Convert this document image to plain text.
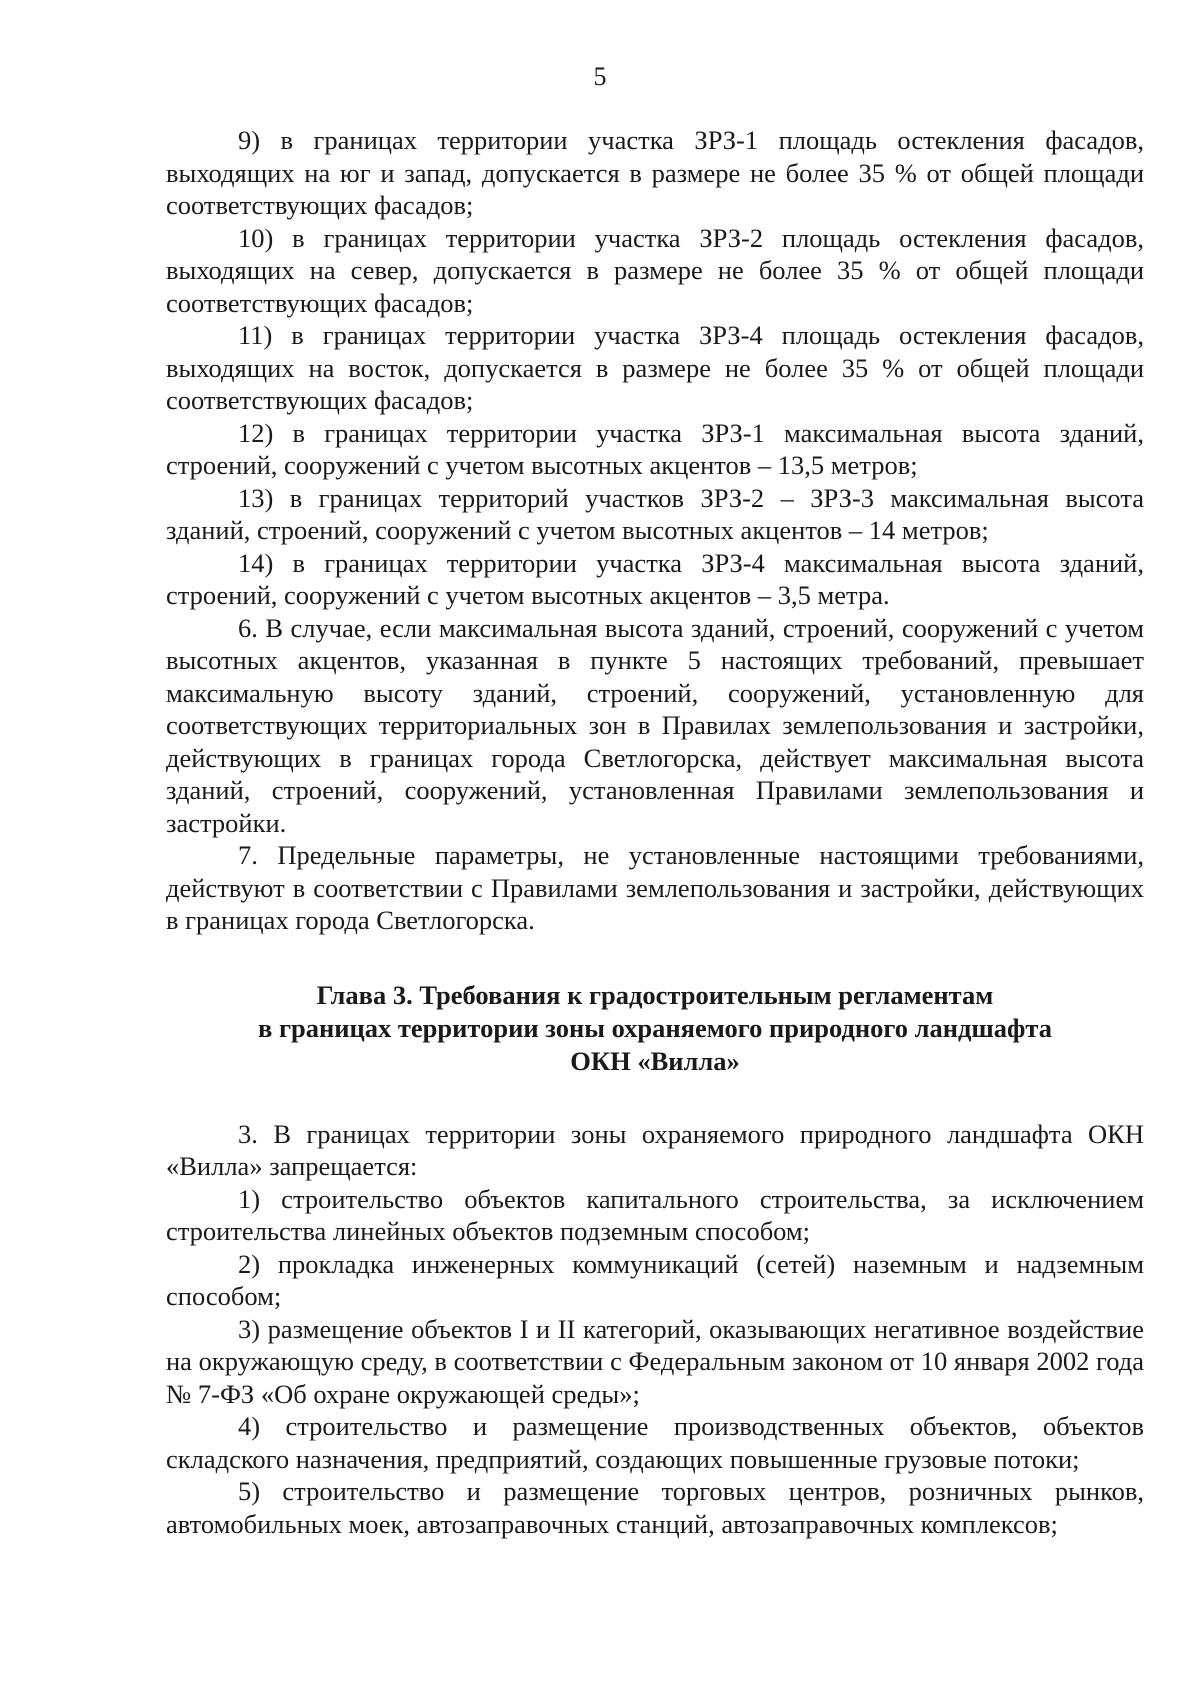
5

9) в границах территории участка ЗРЗ-1 площадь остекления фасадов, выходящих на юг и запад, допускается в размере не более 35 % от общей площади соответствующих фасадов;

10) в границах территории участка ЗРЗ-2 площадь остекления фасадов, выходящих на север, допускается в размере не более 35 % от общей площади соответствующих фасадов;

11) в границах территории участка ЗРЗ-4 площадь остекления фасадов, выходящих на восток, допускается в размере не более 35 % от общей площади соответствующих фасадов;

12) в границах территории участка ЗРЗ-1 максимальная высота зданий, строений, сооружений с учетом высотных акцентов – 13,5 метров;

13) в границах территорий участков ЗРЗ-2 – ЗРЗ-3 максимальная высота зданий, строений, сооружений с учетом высотных акцентов – 14 метров;

14) в границах территории участка ЗРЗ-4 максимальная высота зданий, строений, сооружений с учетом высотных акцентов – 3,5 метра.

6. В случае, если максимальная высота зданий, строений, сооружений с учетом высотных акцентов, указанная в пункте 5 настоящих требований, превышает максимальную высоту зданий, строений, сооружений, установленную для соответствующих территориальных зон в Правилах землепользования и застройки, действующих в границах города Светлогорска, действует максимальная высота зданий, строений, сооружений, установленная Правилами землепользования и застройки.

7. Предельные параметры, не установленные настоящими требованиями, действуют в соответствии с Правилами землепользования и застройки, действующих в границах города Светлогорска.

Глава 3. Требования к градостроительным регламентам
в границах территории зоны охраняемого природного ландшафта
ОКН «Вилла»

3. В границах территории зоны охраняемого природного ландшафта ОКН «Вилла» запрещается:

1) строительство объектов капитального строительства, за исключением строительства линейных объектов подземным способом;

2) прокладка инженерных коммуникаций (сетей) наземным и надземным способом;

3) размещение объектов I и II категорий, оказывающих негативное воздействие на окружающую среду, в соответствии с Федеральным законом от 10 января 2002 года № 7-ФЗ «Об охране окружающей среды»;

4) строительство и размещение производственных объектов, объектов складского назначения, предприятий, создающих повышенные грузовые потоки;

5) строительство и размещение торговых центров, розничных рынков, автомобильных моек, автозаправочных станций, автозаправочных комплексов;
